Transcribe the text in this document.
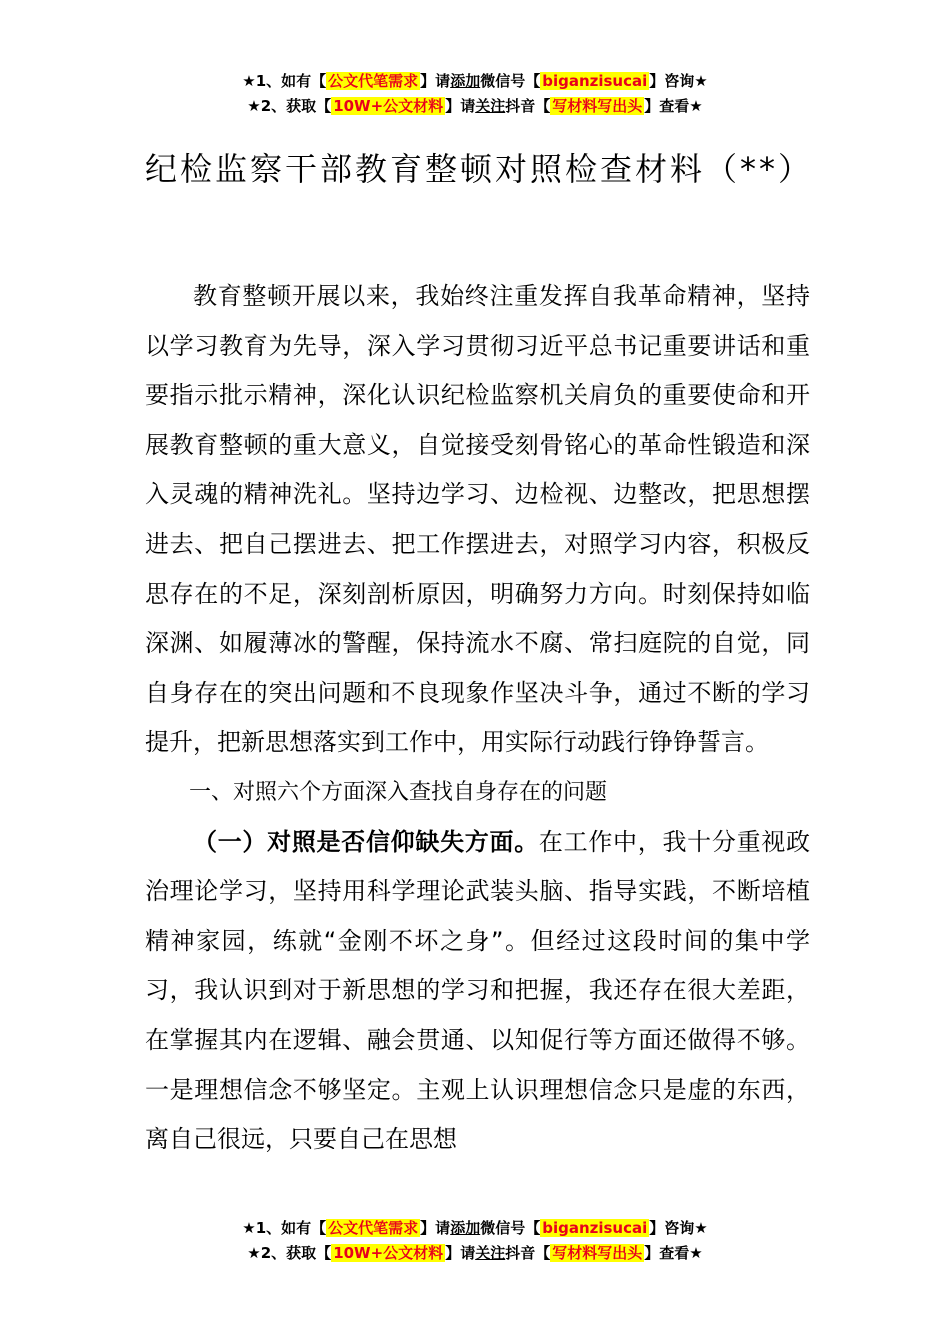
★1、如有【 公文代笔需求 】请添加微信号【 biganzisucai 】咨询★
★2、获取【 10W+公文材料 】请关注抖音【 写材料写出头 】查看★
纪检监察干部教育整顿对照检查材料（**）

教育整顿开展以来，我始终注重发挥自我革命精神，坚持以学习教育为先导，深入学习贯彻习近平总书记重要讲话和重要指示批示精神，深化认识纪检监察机关肩负的重要使命和开展教育整顿的重大意义，自觉接受刻骨铭心的革命性锻造和深入灵魂的精神洗礼。坚持边学习、边检视、边整改，把思想摆进去、把自己摆进去、把工作摆进去，对照学习内容，积极反思存在的不足，深刻剖析原因，明确努力方向。时刻保持如临深渊、如履薄冰的警醒，保持流水不腐、常扫庭院的自觉，同自身存在的突出问题和不良现象作坚决斗争，通过不断的学习提升，把新思想落实到工作中，用实际行动践行铮铮誓言。

一、对照六个方面深入查找自身存在的问题

（一）对照是否信仰缺失方面。在工作中，我十分重视政治理论学习，坚持用科学理论武装头脑、指导实践，不断培植精神家园，练就“金刚不坏之身”。但经过这段时间的集中学习，我认识到对于新思想的学习和把握，我还存在很大差距，在掌握其内在逻辑、融会贯通、以知促行等方面还做得不够。一是理想信念不够坚定。主观上认识理想信念只是虚的东西，离自己很远，只要自己在思想

★1、如有【 公文代笔需求 】请添加微信号【 biganzisucai 】咨询★
★2、获取【 10W+公文材料 】请关注抖音【 写材料写出头 】查看★
